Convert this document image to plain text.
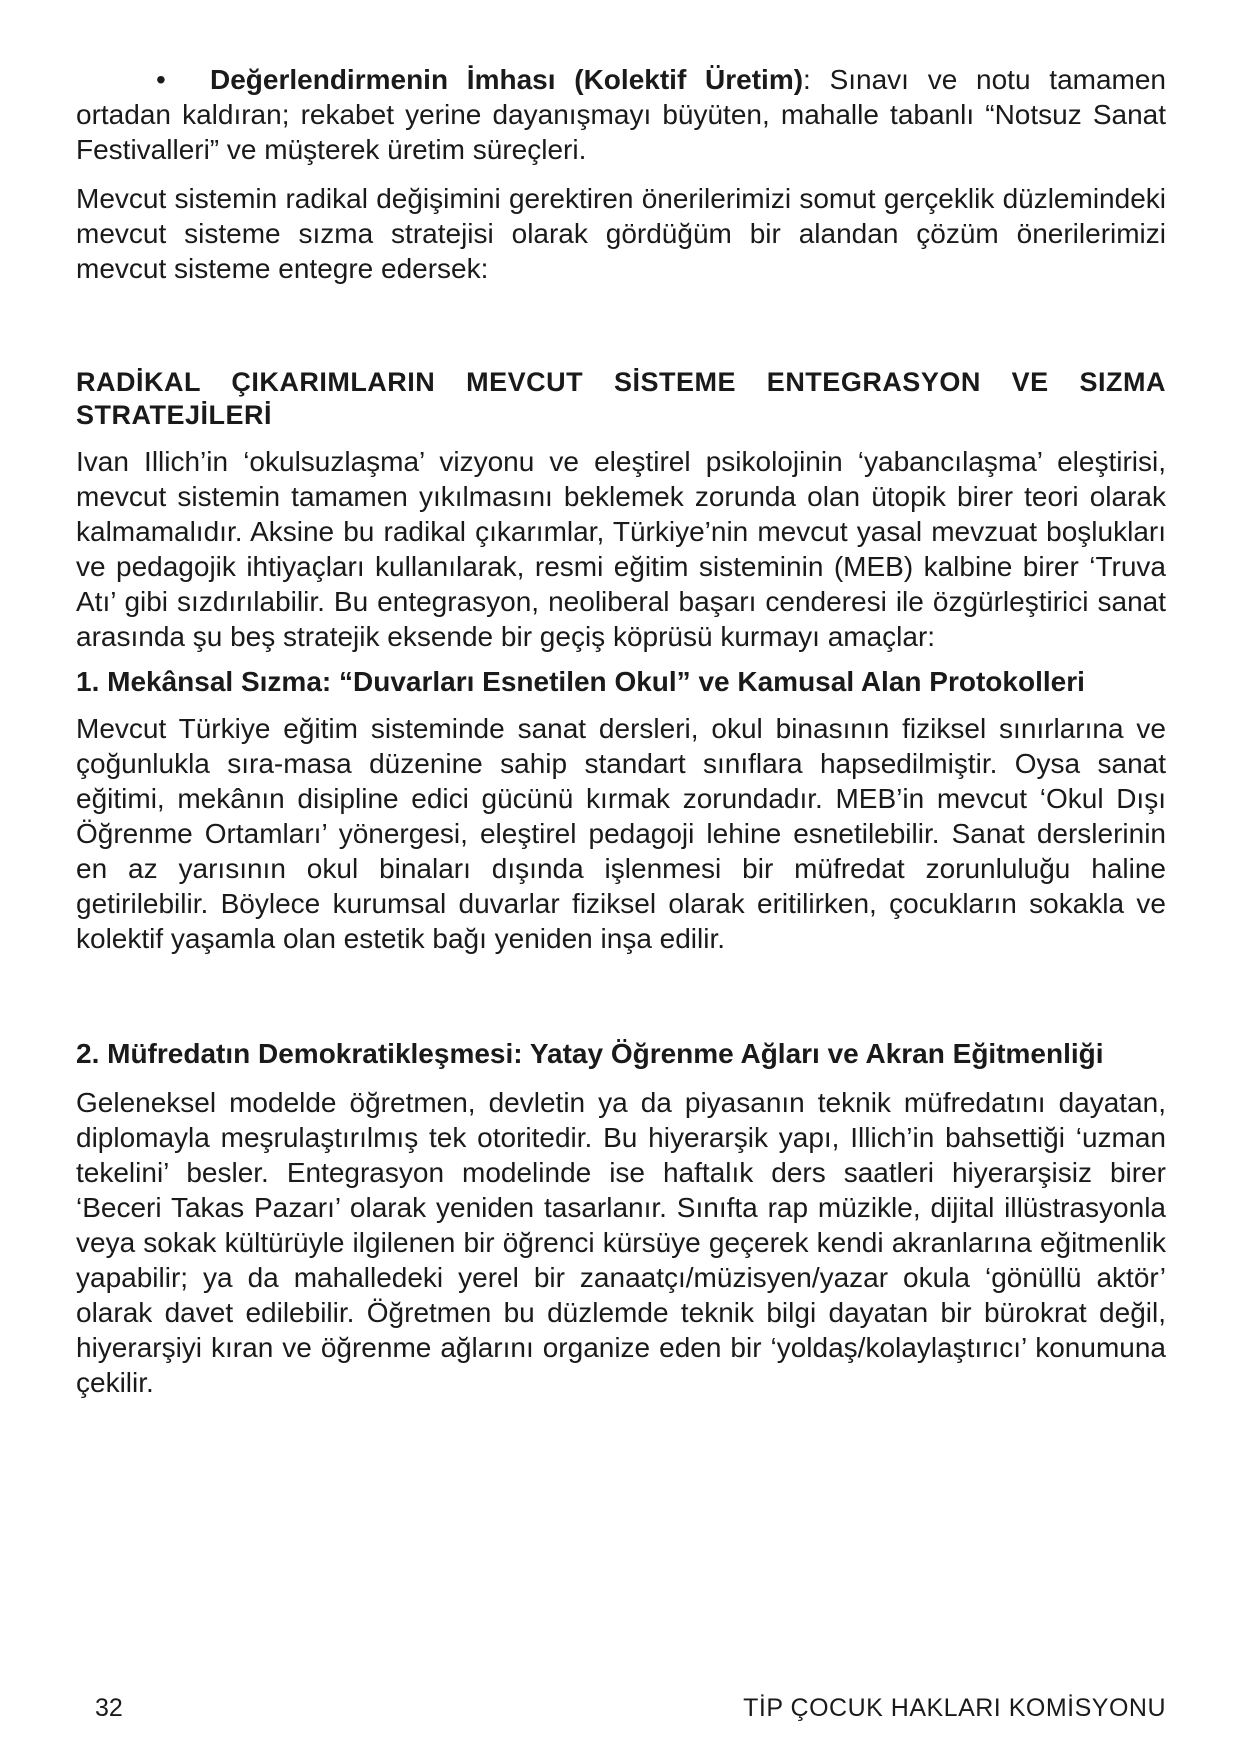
• Değerlendirmenin İmhası (Kolektif Üretim): Sınavı ve notu tamamen ortadan kaldıran; rekabet yerine dayanışmayı büyüten, mahalle tabanlı “Notsuz Sanat Festivalleri” ve müşterek üretim süreçleri.

Mevcut sistemin radikal değişimini gerektiren önerilerimizi somut gerçeklik düzlemindeki mevcut sisteme sızma stratejisi olarak gördüğüm bir alandan çözüm önerilerimizi mevcut sisteme entegre edersek:

RADİKAL ÇIKARIMLARIN MEVCUT SİSTEME ENTEGRASYON VE SIZMA STRATEJİLERİ

Ivan Illich’in ‘okulsuzlaşma’ vizyonu ve eleştirel psikolojinin ‘yabancılaşma’ eleştirisi, mevcut sistemin tamamen yıkılmasını beklemek zorunda olan ütopik birer teori olarak kalmamalıdır. Aksine bu radikal çıkarımlar, Türkiye’nin mevcut yasal mevzuat boşlukları ve pedagojik ihtiyaçları kullanılarak, resmi eğitim sisteminin (MEB) kalbine birer ‘Truva Atı’ gibi sızdırılabilir. Bu entegrasyon, neoliberal başarı cenderesi ile özgürleştirici sanat arasında şu beş stratejik eksende bir geçiş köprüsü kurmayı amaçlar:

1. Mekânsal Sızma: “Duvarları Esnetilen Okul” ve Kamusal Alan Protokolleri

Mevcut Türkiye eğitim sisteminde sanat dersleri, okul binasının fiziksel sınırlarına ve çoğunlukla sıra-masa düzenine sahip standart sınıflara hapsedilmiştir. Oysa sanat eğitimi, mekânın disipline edici gücünü kırmak zorundadır. MEB’in mevcut ‘Okul Dışı Öğrenme Ortamları’ yönergesi, eleştirel pedagoji lehine esnetilebilir. Sanat derslerinin en az yarısının okul binaları dışında işlenmesi bir müfredat zorunluluğu haline getirilebilir. Böylece kurumsal duvarlar fiziksel olarak eritilirken, çocukların sokakla ve kolektif yaşamla olan estetik bağı yeniden inşa edilir.

2. Müfredatın Demokratikleşmesi: Yatay Öğrenme Ağları ve Akran Eğitmenliği

Geleneksel modelde öğretmen, devletin ya da piyasanın teknik müfredatını dayatan, diplomayla meşrulaştırılmış tek otoritedir. Bu hiyerarşik yapı, Illich’in bahsettiği ‘uzman tekelini’ besler. Entegrasyon modelinde ise haftalık ders saatleri hiyerarşisiz birer ‘Beceri Takas Pazarı’ olarak yeniden tasarlanır. Sınıfta rap müzikle, dijital illüstrasyonla veya sokak kültürüyle ilgilenen bir öğrenci kürsüye geçerek kendi akranlarına eğitmenlik yapabilir; ya da mahalledeki yerel bir zanaatçı/müzisyen/yazar okula ‘gönüllü aktör’ olarak davet edilebilir. Öğretmen bu düzlemde teknik bilgi dayatan bir bürokrat değil, hiyerarşiyi kıran ve öğrenme ağlarını organize eden bir ‘yoldaş/kolaylaştırıcı’ konumuna çekilir.

32	TİP ÇOCUK HAKLARI KOMİSYONU
